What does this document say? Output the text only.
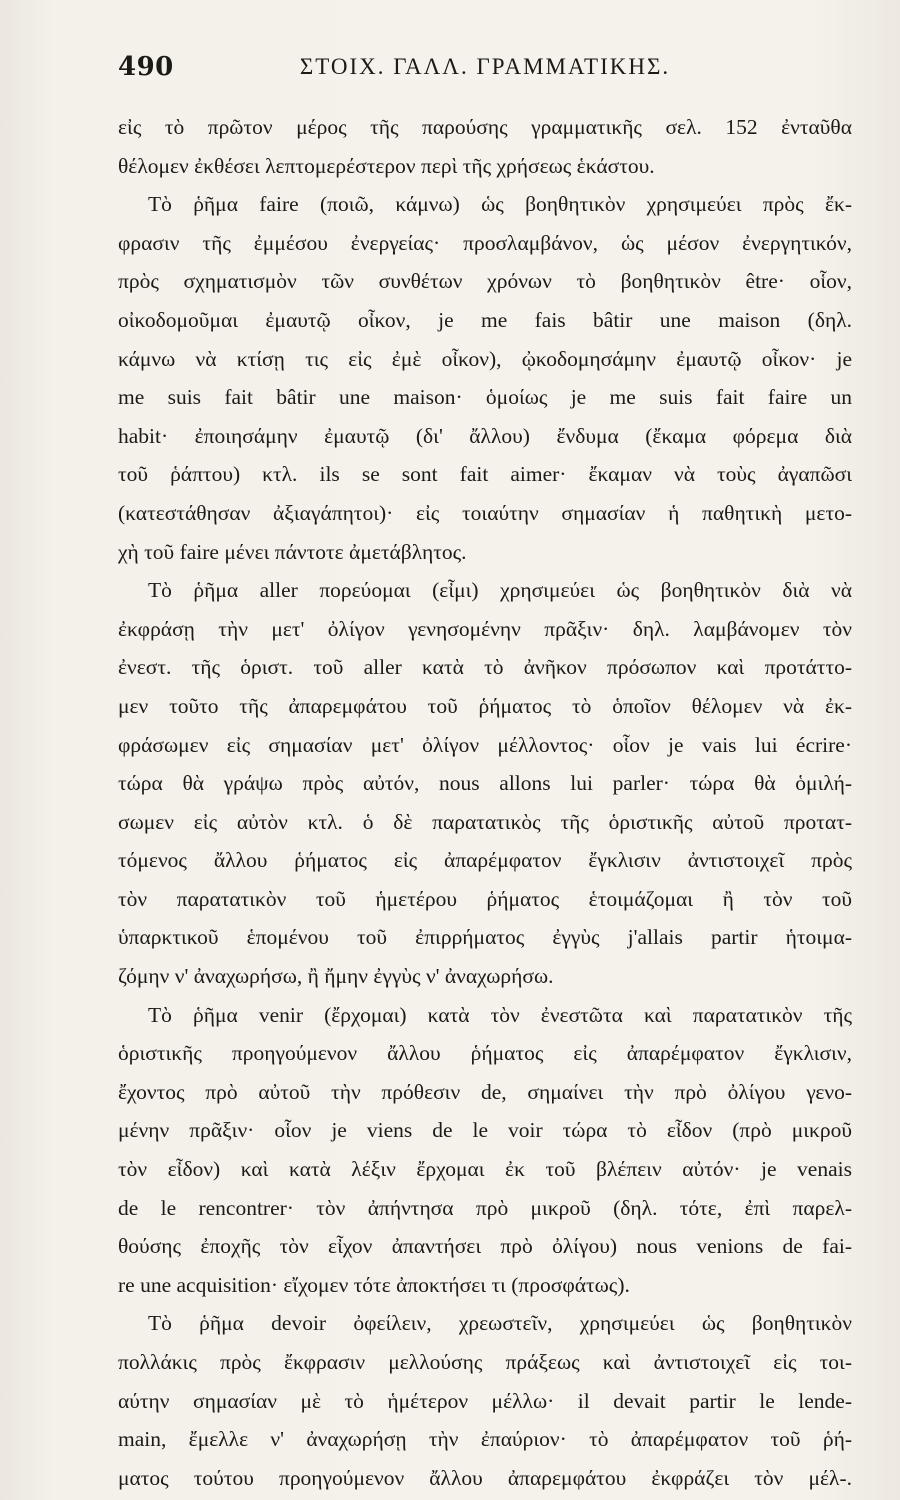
490	ΣΤΟΙΧ. ΓΑΛΛ. ΓΡΑΜΜΑΤΙΚΗΣ.
εἰς τὸ πρῶτον μέρος τῆς παρούσης γραμματικῆς σελ. 152 ἐνταῦθα
θέλομεν ἐκθέσει λεπτομερέστερον περὶ τῆς χρήσεως ἑκάστου.
Τὸ ῥῆμα faire (ποιῶ, κάμνω) ὡς βοηθητικὸν χρησιμεύει πρὸς ἔκ-
φρασιν τῆς ἐμμέσου ἐνεργείας· προσλαμβάνον, ὡς μέσον ἐνεργητικόν,
πρὸς σχηματισμὸν τῶν συνθέτων χρόνων τὸ βοηθητικὸν être· οἷον,
οἰκοδομοῦμαι ἐμαυτῷ οἶκον, je me fais bâtir une maison (δηλ.
κάμνω νὰ κτίσῃ τις εἰς ἐμὲ οἶκον), ᾠκοδομησάμην ἐμαυτῷ οἶκον· je
me suis fait bâtir une maison· ὁμοίως je me suis fait faire un
habit· ἐποιησάμην ἐμαυτῷ (δι' ἄλλου) ἔνδυμα (ἔκαμα φόρεμα διὰ
τοῦ ῥάπτου) κτλ. ils se sont fait aimer· ἔκαμαν νὰ τοὺς ἀγαπῶσι
(κατεστάθησαν ἀξιαγάπητοι)· εἰς τοιαύτην σημασίαν ἡ παθητικὴ μετο-
χὴ τοῦ faire μένει πάντοτε ἀμετάβλητος.
Τὸ ῥῆμα aller πορεύομαι (εἶμι) χρησιμεύει ὡς βοηθητικὸν διὰ νὰ
ἐκφράσῃ τὴν μετ' ὀλίγον γενησομένην πρᾶξιν· δηλ. λαμβάνομεν τὸν
ἐνεστ. τῆς ὁριστ. τοῦ aller κατὰ τὸ ἀνῆκον πρόσωπον καὶ προτάττο-
μεν τοῦτο τῆς ἀπαρεμφάτου τοῦ ῥήματος τὸ ὁποῖον θέλομεν νὰ ἐκ-
φράσωμεν εἰς σημασίαν μετ' ὀλίγον μέλλοντος· οἷον je vais lui écrire·
τώρα θὰ γράψω πρὸς αὐτόν, nous allons lui parler· τώρα θὰ ὁμιλή-
σωμεν εἰς αὐτὸν κτλ. ὁ δὲ παρατατικὸς τῆς ὁριστικῆς αὐτοῦ προτατ-
τόμενος ἄλλου ῥήματος εἰς ἀπαρέμφατον ἔγκλισιν ἀντιστοιχεῖ πρὸς
τὸν παρατατικὸν τοῦ ἡμετέρου ῥήματος ἑτοιμάζομαι ἢ τὸν τοῦ
ὑπαρκτικοῦ ἑπομένου τοῦ ἐπιρρήματος ἐγγὺς j'allais partir ἡτοιμα-
ζόμην ν' ἀναχωρήσω, ἢ ἤμην ἐγγὺς ν' ἀναχωρήσω.
Τὸ ῥῆμα venir (ἔρχομαι) κατὰ τὸν ἐνεστῶτα καὶ παρατατικὸν τῆς
ὁριστικῆς προηγούμενον ἄλλου ῥήματος εἰς ἀπαρέμφατον ἔγκλισιν,
ἔχοντος πρὸ αὐτοῦ τὴν πρόθεσιν de, σημαίνει τὴν πρὸ ὀλίγου γενο-
μένην πρᾶξιν· οἷον je viens de le voir τώρα τὸ εἶδον (πρὸ μικροῦ
τὸν εἶδον) καὶ κατὰ λέξιν ἔρχομαι ἐκ τοῦ βλέπειν αὐτόν· je venais
de le rencontrer· τὸν ἀπήντησα πρὸ μικροῦ (δηλ. τότε, ἐπὶ παρελ-
θούσης ἐποχῆς τὸν εἶχον ἀπαντήσει πρὸ ὀλίγου) nous venions de fai-
re une acquisition· εἴχομεν τότε ἀποκτήσει τι (προσφάτως).
Τὸ ῥῆμα devoir ὀφείλειν, χρεωστεῖν, χρησιμεύει ὡς βοηθητικὸν
πολλάκις πρὸς ἔκφρασιν μελλούσης πράξεως καὶ ἀντιστοιχεῖ εἰς τοι-
αύτην σημασίαν μὲ τὸ ἡμέτερον μέλλω· il devait partir le lende-
main, ἔμελλε ν' ἀναχωρήσῃ τὴν ἐπαύριον· τὸ ἀπαρέμφατον τοῦ ῥή-
ματος τούτου προηγούμενον ἄλλου ἀπαρεμφάτου ἐκφράζει τὸν μέλ-.
